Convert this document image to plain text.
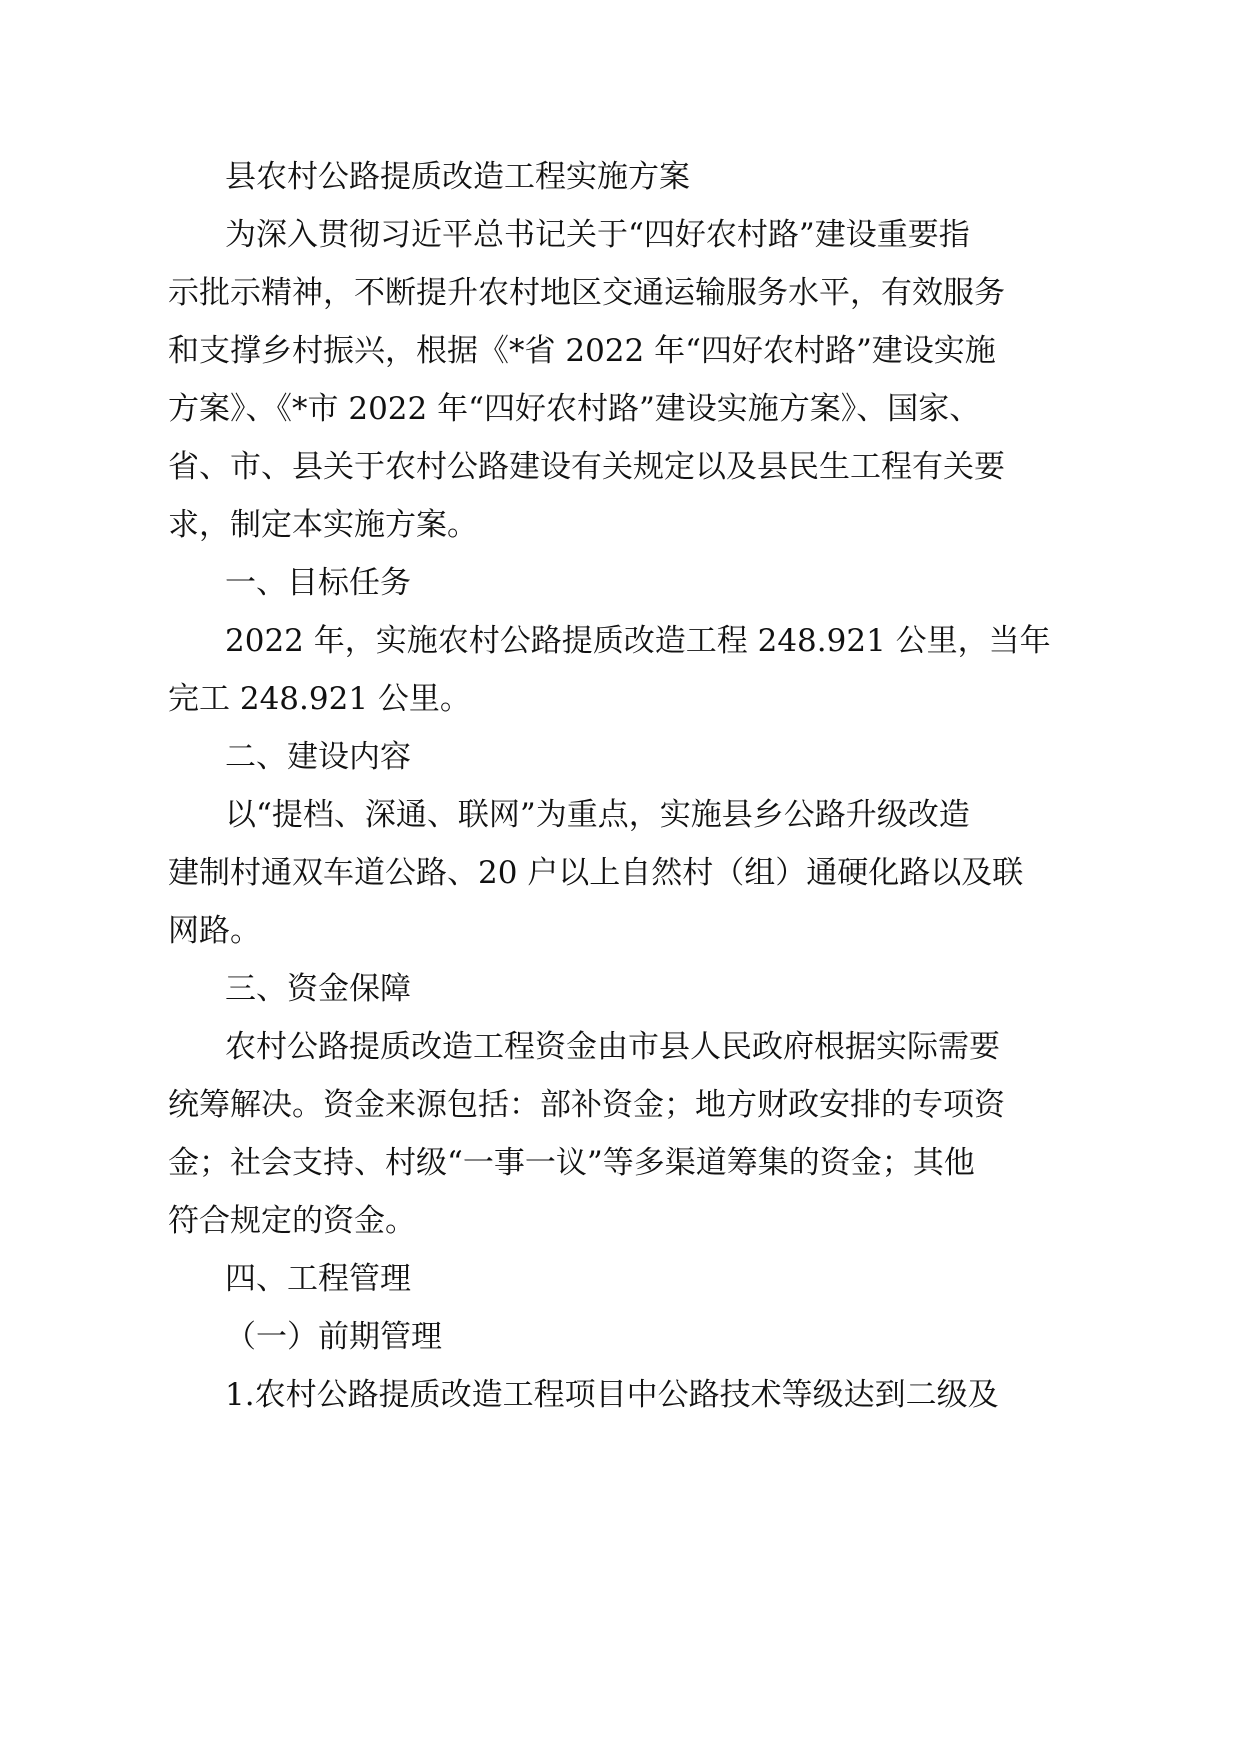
县农村公路提质改造工程实施方案

为深入贯彻习近平总书记关于“四好农村路”建设重要指

示批示精神，不断提升农村地区交通运输服务水平，有效服务

和支撑乡村振兴，根据《*省 2022 年“四好农村路”建设实施

方案》、《*市 2022 年“四好农村路”建设实施方案》、国家、

省、市、县关于农村公路建设有关规定以及县民生工程有关要

求，制定本实施方案。

一、目标任务

2022 年，实施农村公路提质改造工程 248.921 公里，当年

完工 248.921 公里。

二、建设内容

以“提档、深通、联网”为重点，实施县乡公路升级改造

建制村通双车道公路、20 户以上自然村（组）通硬化路以及联

网路。

三、资金保障

农村公路提质改造工程资金由市县人民政府根据实际需要

统筹解决。资金来源包括：部补资金；地方财政安排的专项资

金；社会支持、村级“一事一议”等多渠道筹集的资金；其他

符合规定的资金。

四、工程管理

（一）前期管理

1.农村公路提质改造工程项目中公路技术等级达到二级及
